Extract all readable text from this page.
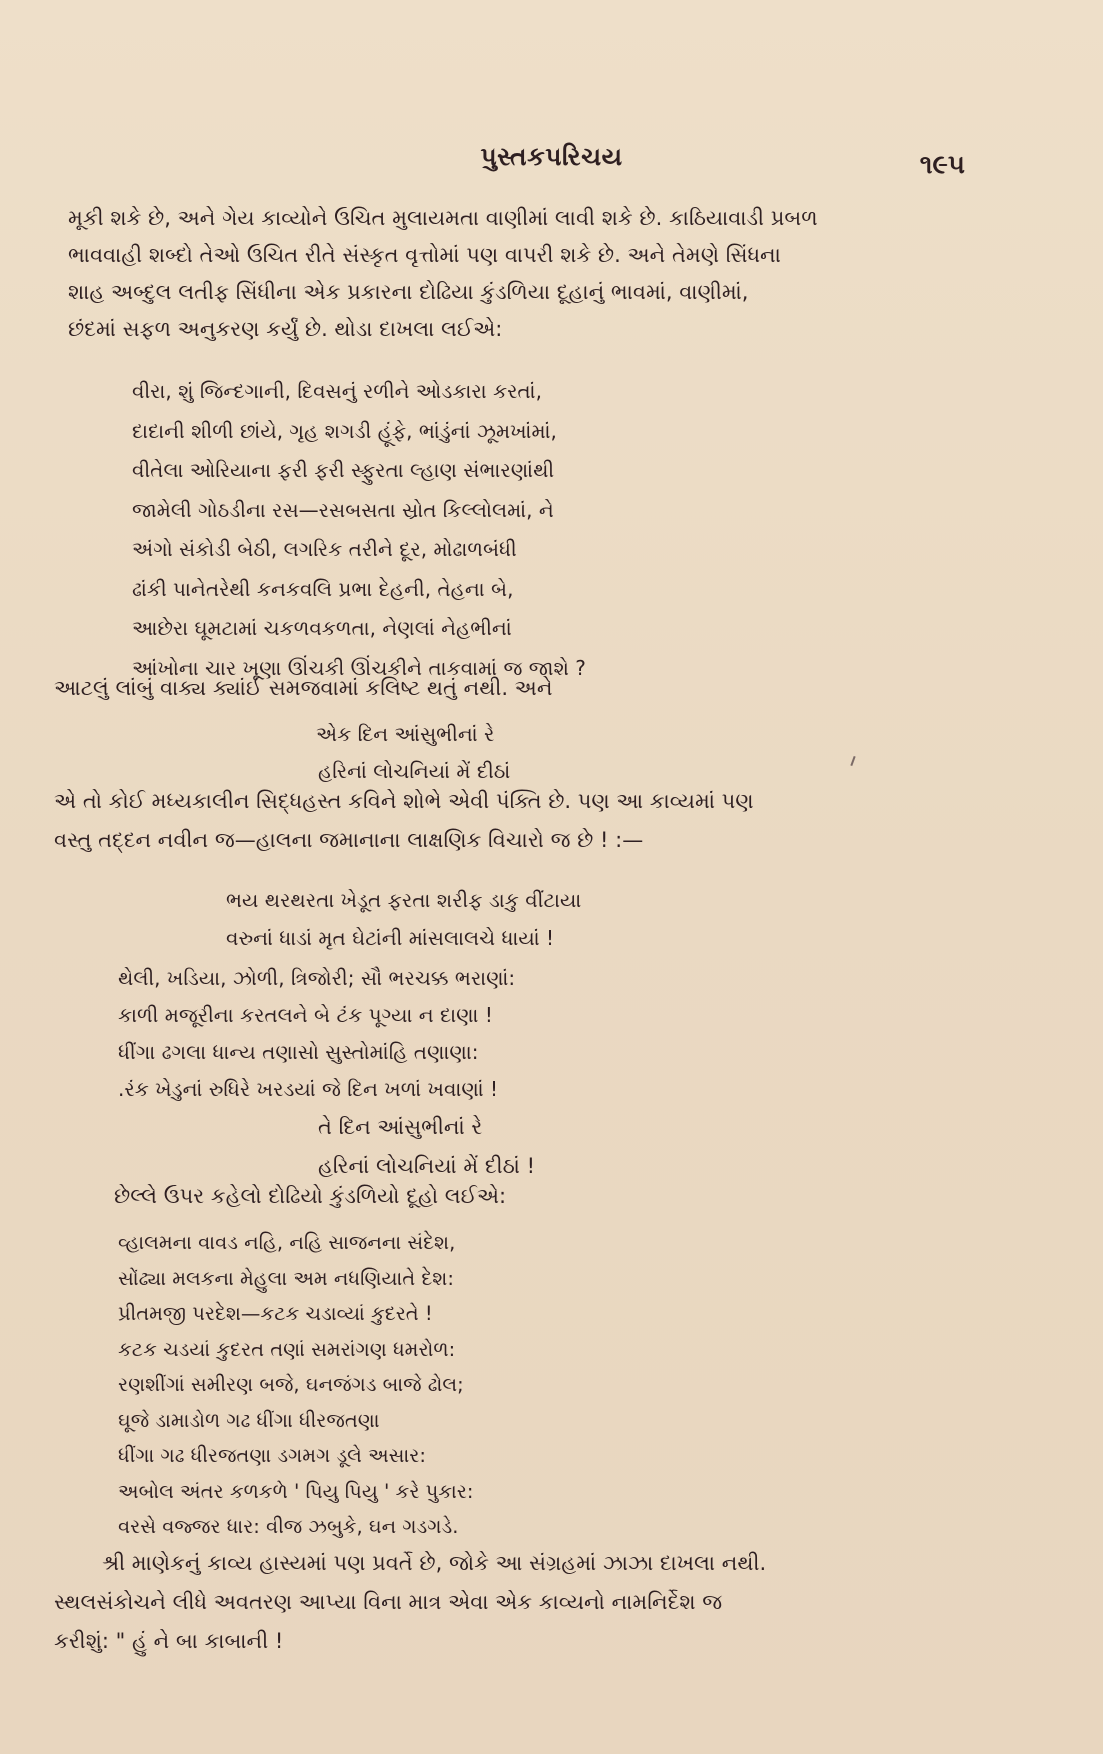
પુસ્તકપરિચય	૧૯૫
મૂકી શકે છે, અને ગેય કાવ્યોને ઉચિત મુલાયમતા વાણીમાં લાવી શકે છે. કાઠિયાવાડી પ્રબળ
ભાવવાહી શબ્દો તેઓ ઉચિત રીતે સંસ્કૃત વૃત્તોમાં પણ વાપરી શકે છે. અને તેમણે સિંધના
શાહ અબ્દુલ લતીફ સિંધીના એક પ્રકારના દોઢિયા કુંડળિયા દૂહાનું ભાવમાં, વાણીમાં,
છંદમાં સફળ અનુકરણ કર્યું છે. થોડા દાખલા લઈએ:
વીરા, શું જિન્દગાની, દિવસનું રળીને ઓડકારા કરતાં,
દાદાની શીળી છાંયે, ગૃહ શગડી હૂંફે, ભાંડુંનાં ઝૂમખાંમાં,
વીતેલા ઓરિયાના ફરી ફરી સ્ફુરતા લ્હાણ સંભારણાંથી
જામેલી ગોઠડીના રસ—રસબસતા સ્રોત કિલ્લોલમાં, ને
અંગો સંકોડી બેઠી, લગરિક તરીને દૂર, મોઢાળબંધી
ઢાંકી પાનેતરેથી કનકવલિ પ્રભા દેહની, તેહના બે,
આછેરા ઘૂમટામાં ચકળવકળતા, નેણલાં નેહભીનાં
આંખોના ચાર ખૂણા ઊંચકી ઊંચકીને તાકવામાં જ જાશે ?
આટલું લાંબું વાક્ય ક્યાંઈ સમજવામાં કલિષ્ટ થતું નથી. અને
એક દિન આંસુભીનાં રે
હરિનાં લોચનિયાં મેં દીઠાં
એ તો કોઈ મધ્યકાલીન સિદ્ધહસ્ત કવિને શોભે એવી પંક્તિ છે. પણ આ કાવ્યમાં પણ
વસ્તુ તદ્દન નવીન જ—હાલના જમાનાના લાક્ષણિક વિચારો જ છે ! :—
ભય થરથરતા ખેડૂત ફરતા શરીફ ડાકુ વીંટાયા
વરુનાં ધાડાં મૃત ઘેટાંની માંસલાલચે ધાયાં !
થેલી, ખડિયા, ઝોળી, ત્રિજોરી; સૌ ભરચક્ક ભરાણાં:
કાળી મજૂરીના કરતલને બે ટંક પૂગ્યા ન દાણા !
ધીંગા ઢગલા ધાન્ય તણાસો સુસ્તોમાંહિ તણાણા:
.રંક ખેડુનાં રુધિરે ખરડયાં જે દિન ખળાં ખવાણાં !
તે દિન આંસુભીનાં રે
હરિનાં લોચનિયાં મેં દીઠાં !
છેલ્લે ઉપર કહેલો દોઢિયો કુંડળિયો દૂહો લઈએ:
વ્હાલમના વાવડ નહિ, નહિ સાજનના સંદેશ,
સોંઢ્યા મલકના મેહુલા અમ નધણિયાતે દેશ:
પ્રીતમજી પરદેશ—કટક ચડાવ્યાં કુદરતે !
કટક ચડયાં કુદરત તણાં સમરાંગણ ધમરોળ:
રણશીંગાં સમીરણ બજે, ઘનજંગડ બાજે ઢોલ;
ઘૂજે ડામાડોળ ગઢ ધીંગા ધીરજતણા
ધીંગા ગઢ ધીરજતણા ડગમગ ડૂલે અસાર:
અબોલ અંતર કળકળે ' પિયુ પિયુ ' કરે પુકાર:
વરસે વજ્જર ધાર: વીજ ઝબુકે, ઘન ગડગડે.
શ્રી માણેકનું કાવ્ય હાસ્યમાં પણ પ્રવર્તે છે, જોકે આ સંગ્રહમાં ઝાઝા દાખલા નથી.
સ્થલસંકોચને લીધે અવતરણ આપ્યા વિના માત્ર એવા એક કાવ્યનો નામનિર્દેશ જ
કરીશું: " હું ને બા કાબાની !
